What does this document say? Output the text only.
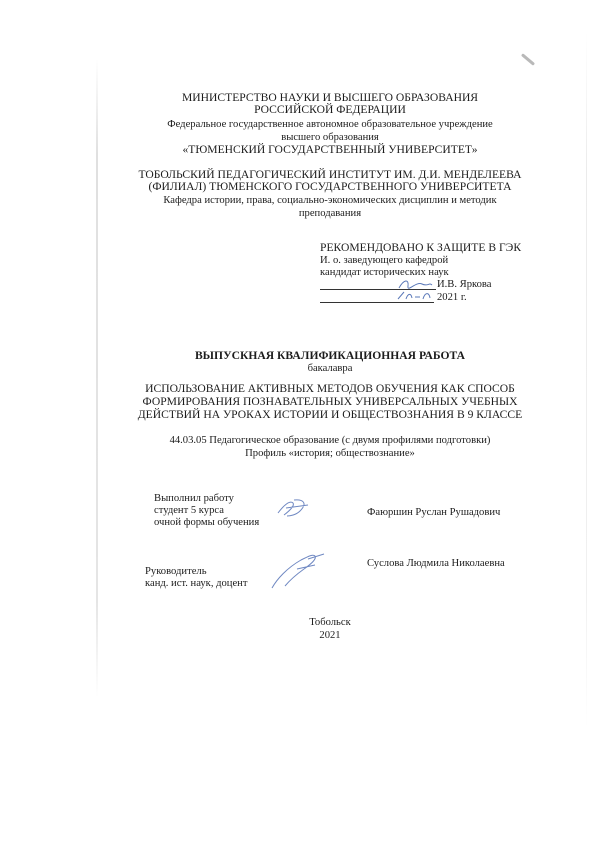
МИНИСТЕРСТВО НАУКИ И ВЫСШЕГО ОБРАЗОВАНИЯ
РОССИЙСКОЙ ФЕДЕРАЦИИ
Федеральное государственное автономное образовательное учреждение
высшего образования
«ТЮМЕНСКИЙ ГОСУДАРСТВЕННЫЙ УНИВЕРСИТЕТ»
ТОБОЛЬСКИЙ ПЕДАГОГИЧЕСКИЙ ИНСТИТУТ ИМ. Д.И. МЕНДЕЛЕЕВА
(ФИЛИАЛ) ТЮМЕНСКОГО ГОСУДАРСТВЕННОГО УНИВЕРСИТЕТА
Кафедра истории, права, социально-экономических дисциплин и методик
преподавания
РЕКОМЕНДОВАНО К ЗАЩИТЕ В ГЭК
И. о. заведующего кафедрой
кандидат исторических наук
И.В. Яркова
2021 г.
ВЫПУСКНАЯ КВАЛИФИКАЦИОННАЯ РАБОТА
бакалавра
ИСПОЛЬЗОВАНИЕ АКТИВНЫХ МЕТОДОВ ОБУЧЕНИЯ КАК СПОСОБ
ФОРМИРОВАНИЯ ПОЗНАВАТЕЛЬНЫХ УНИВЕРСАЛЬНЫХ УЧЕБНЫХ
ДЕЙСТВИЙ НА УРОКАХ ИСТОРИИ И ОБЩЕСТВОЗНАНИЯ В 9 КЛАССЕ
44.03.05 Педагогическое образование (с двумя профилями подготовки)
Профиль «история; обществознание»
Выполнил работу
студент 5 курса
очной формы обучения
Фаюршин Руслан Рушадович
Руководитель
канд. ист. наук, доцент
Суслова Людмила Николаевна
Тобольск
2021
